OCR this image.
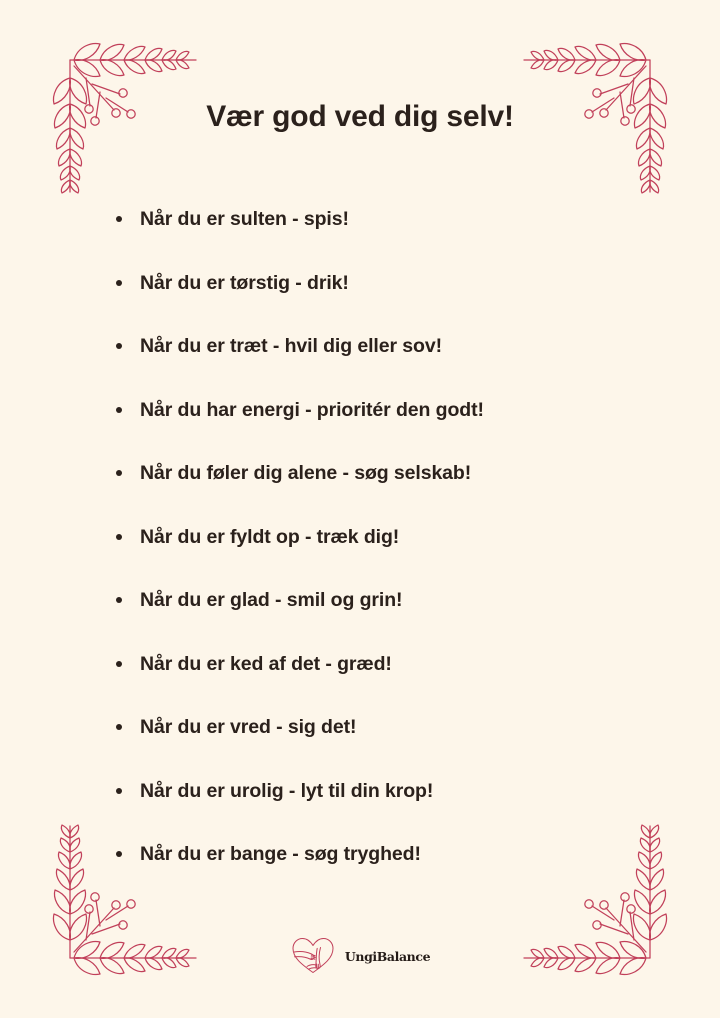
Vær god ved dig selv!
Når du er sulten - spis!
Når du er tørstig - drik!
Når du er træt - hvil dig eller sov!
Når du har energi - prioritér den godt!
Når du føler dig alene - søg selskab!
Når du er fyldt op - træk dig!
Når du er glad - smil og grin!
Når du er ked af det - græd!
Når du er vred - sig det!
Når du er urolig - lyt til din krop!
Når du er bange - søg tryghed!
UngiBalance
